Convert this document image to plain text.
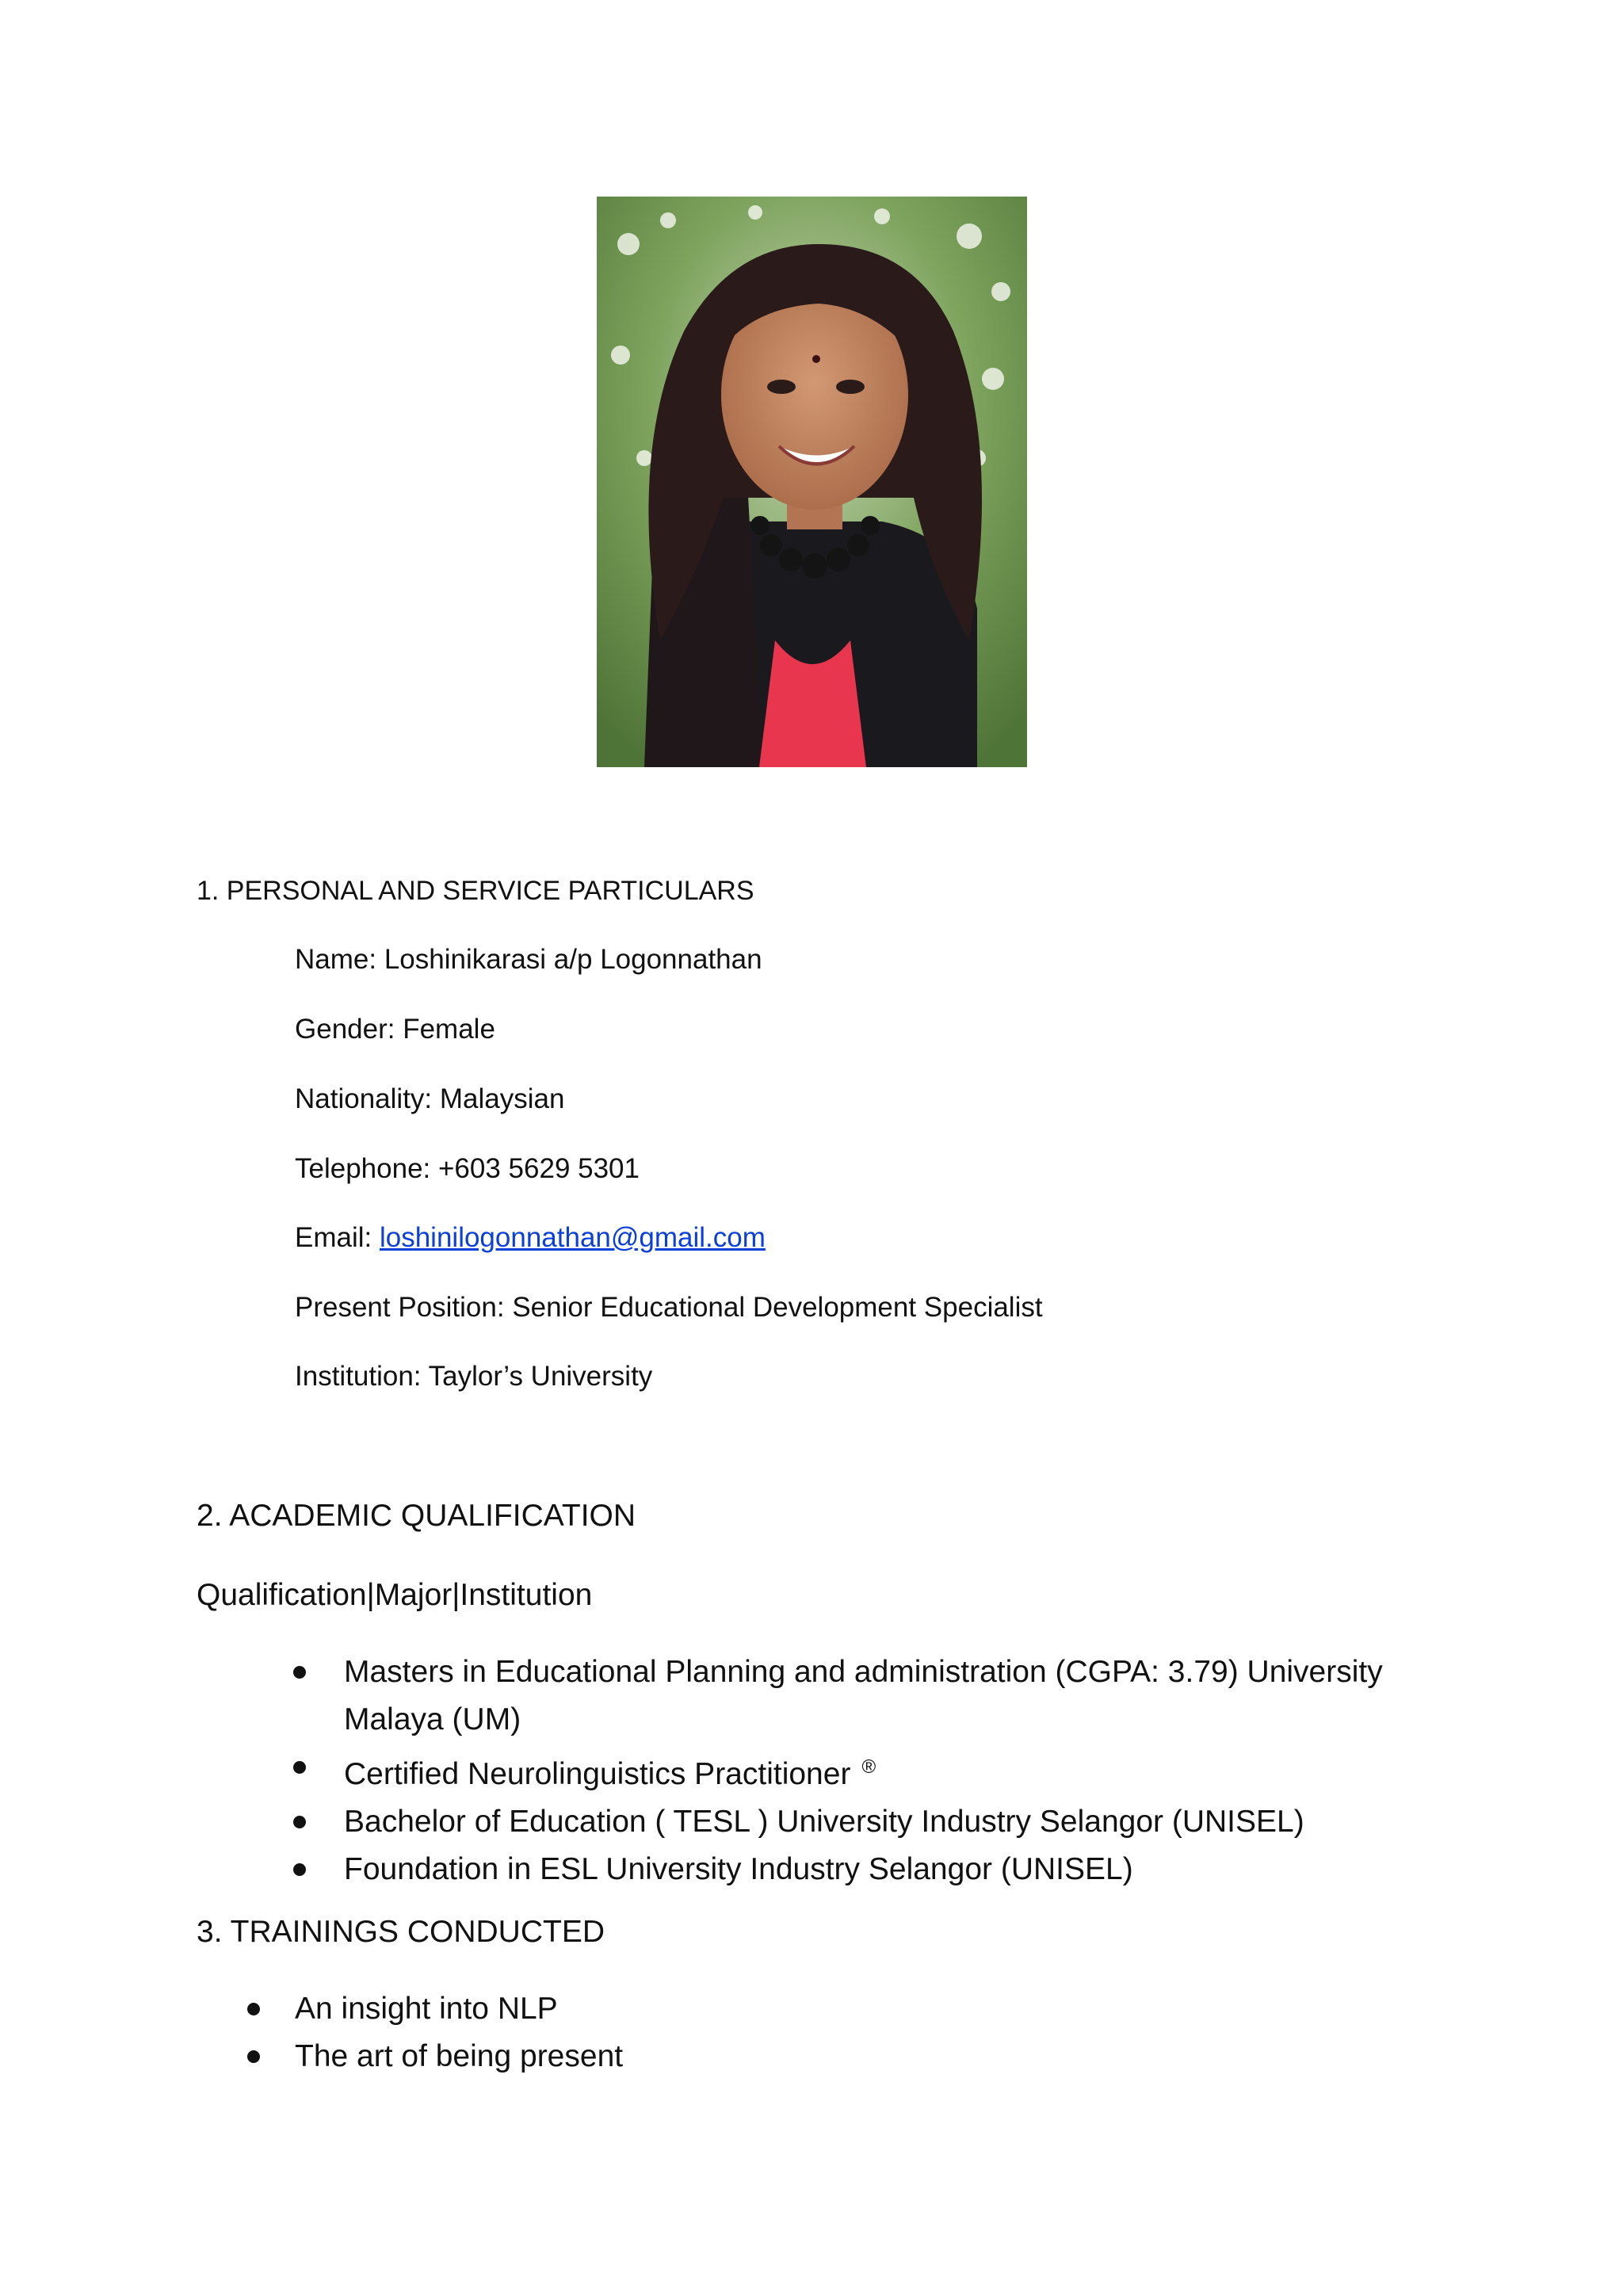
1. PERSONAL AND SERVICE PARTICULARS
Name: Loshinikarasi a/p Logonnathan
Gender: Female
Nationality: Malaysian
Telephone: +603 5629 5301
Email: loshinilogonnathan@gmail.com
Present Position: Senior Educational Development Specialist
Institution: Taylor’s University
2. ACADEMIC QUALIFICATION
Qualification|Major|Institution
Masters in Educational Planning and administration (CGPA: 3.79) University
Malaya (UM)
Certified Neurolinguistics Practitioner ®
Bachelor of Education ( TESL ) University Industry Selangor (UNISEL)
Foundation in ESL University Industry Selangor (UNISEL)
3. TRAININGS CONDUCTED
An insight into NLP
The art of being present
